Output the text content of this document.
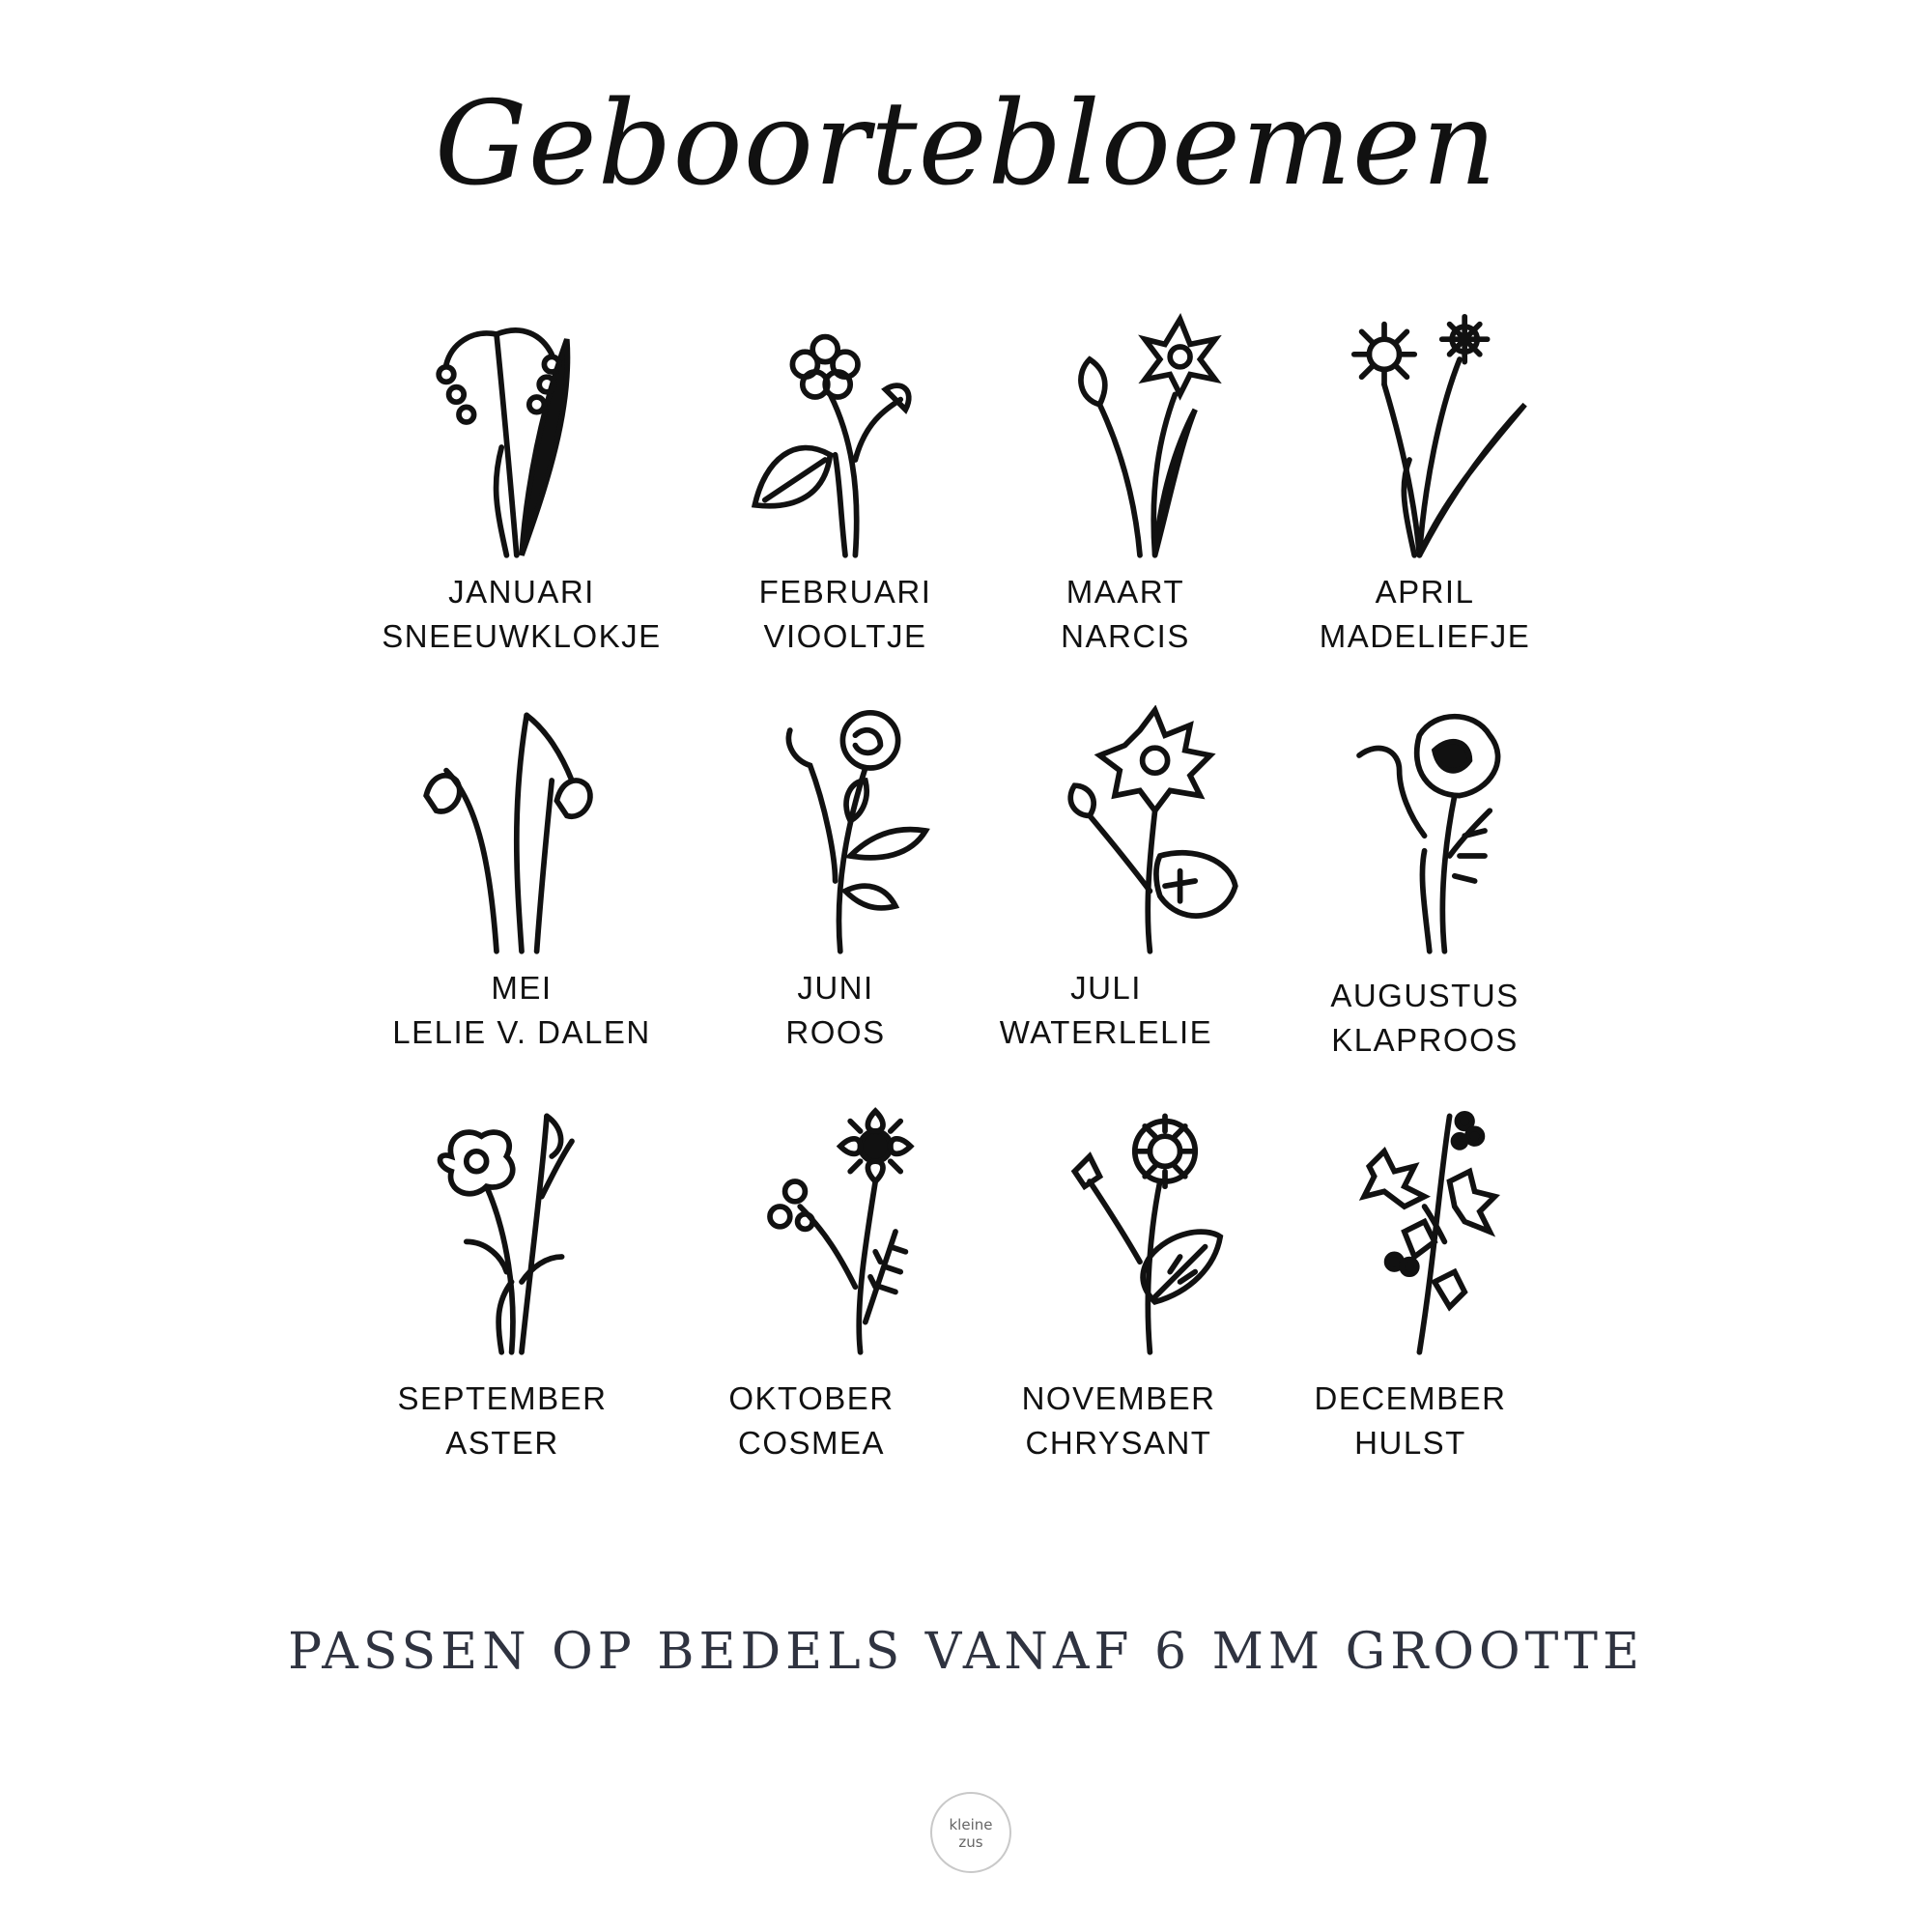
Geboortebloemen
JANUARI
SNEEUWKLOKJE
FEBRUARI
VIOOLTJE
MAART
NARCIS
APRIL
MADELIEFJE
MEI
LELIE V. DALEN
JUNI
ROOS
JULI
WATERLELIE
AUGUSTUS
KLAPROOS
SEPTEMBER
ASTER
OKTOBER
COSMEA
NOVEMBER
CHRYSANT
DECEMBER
HULST
PASSEN OP BEDELS VANAF 6 MM GROOTTE
kleine
zus
